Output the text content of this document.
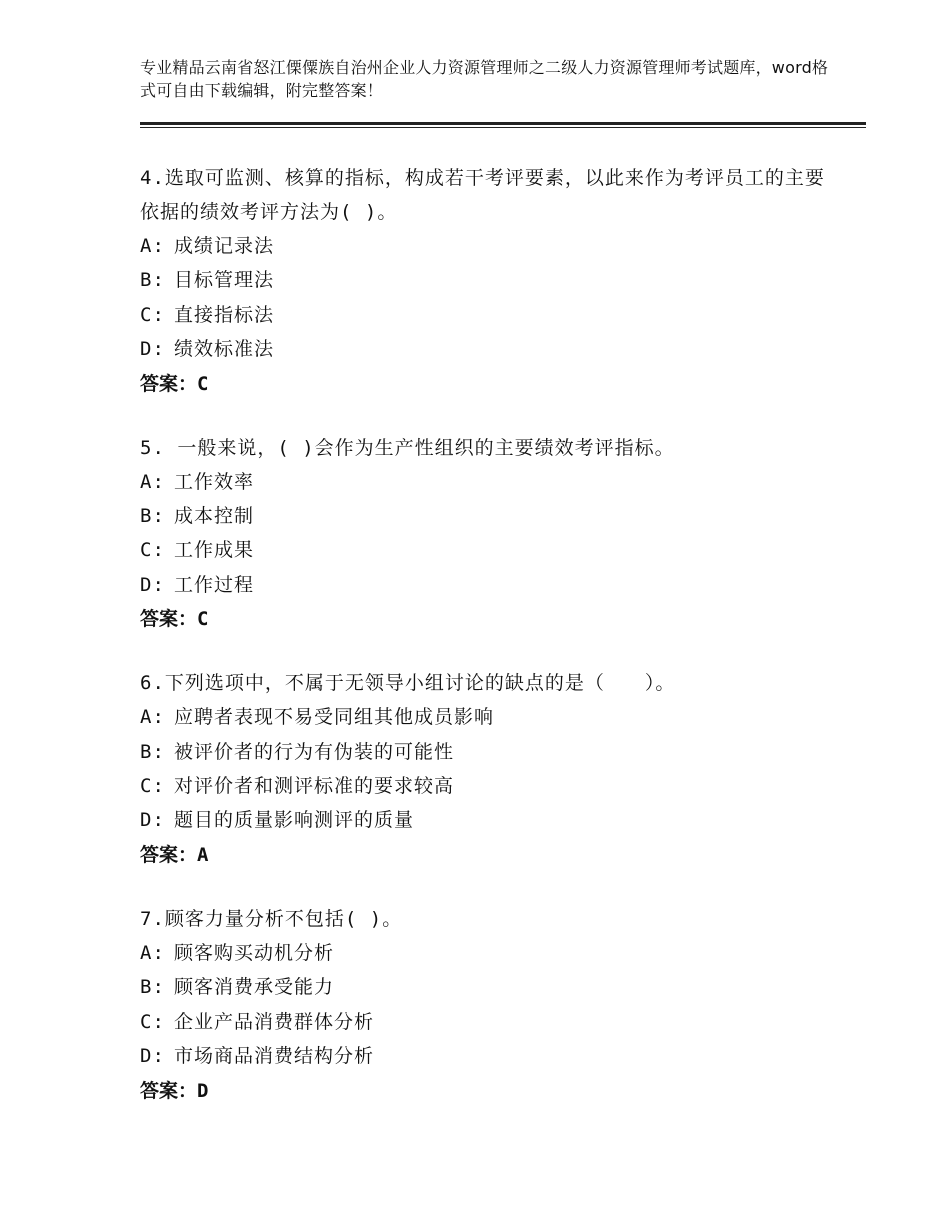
专业精品云南省怒江傈僳族自治州企业人力资源管理师之二级人力资源管理师考试题库，word格式可自由下载编辑，附完整答案！
4.选取可监测、核算的指标，构成若干考评要素，以此来作为考评员工的主要依据的绩效考评方法为( )。
A: 成绩记录法
B: 目标管理法
C: 直接指标法
D: 绩效标准法
答案：C
5. 一般来说，( )会作为生产性组织的主要绩效考评指标。
A: 工作效率
B: 成本控制
C: 工作成果
D: 工作过程
答案：C
6.下列选项中，不属于无领导小组讨论的缺点的是（　　）。
A: 应聘者表现不易受同组其他成员影响
B: 被评价者的行为有伪装的可能性
C: 对评价者和测评标准的要求较高
D: 题目的质量影响测评的质量
答案：A
7.顾客力量分析不包括( )。
A: 顾客购买动机分析
B: 顾客消费承受能力
C: 企业产品消费群体分析
D: 市场商品消费结构分析
答案：D
